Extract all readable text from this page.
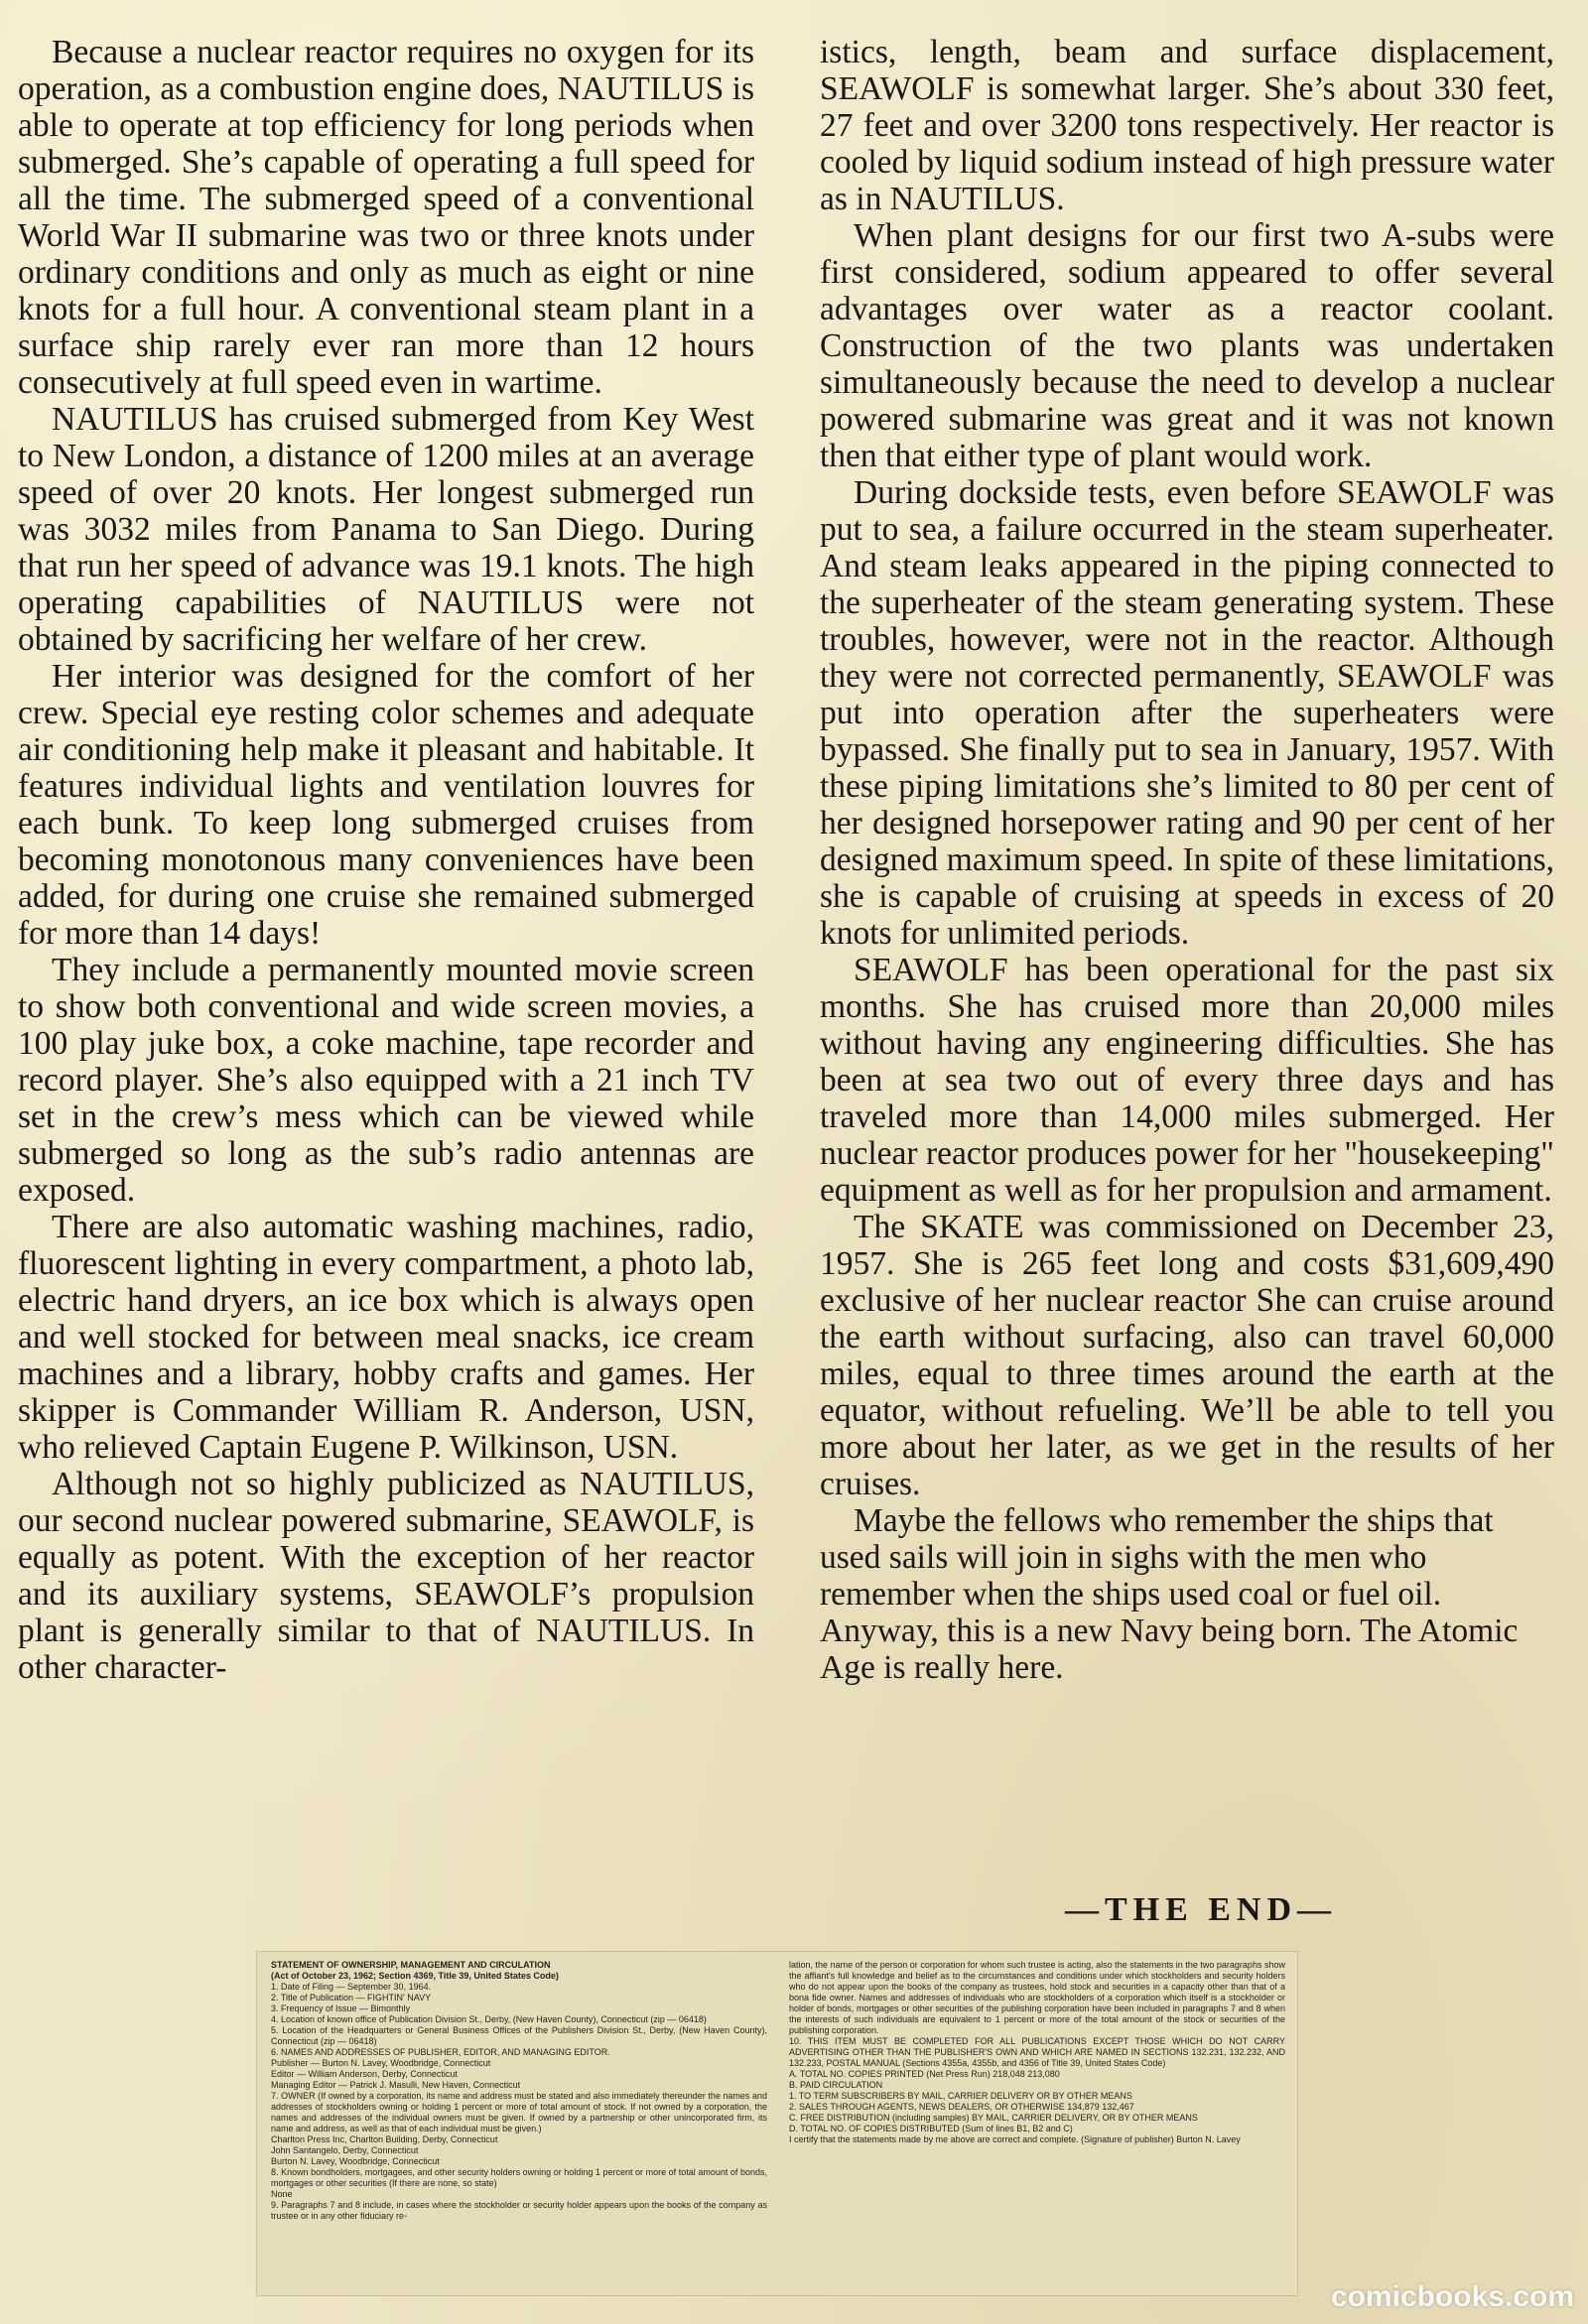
Because a nuclear reactor requires no oxygen for its operation, as a combustion engine does, NAUTILUS is able to operate at top efficiency for long periods when submerged. She’s capable of operating a full speed for all the time. The submerged speed of a conventional World War II submarine was two or three knots under ordinary conditions and only as much as eight or nine knots for a full hour. A conventional steam plant in a surface ship rarely ever ran more than 12 hours consecutively at full speed even in wartime.

NAUTILUS has cruised submerged from Key West to New London, a distance of 1200 miles at an average speed of over 20 knots. Her longest submerged run was 3032 miles from Panama to San Diego. During that run her speed of advance was 19.1 knots. The high operating capabilities of NAUTILUS were not obtained by sacrificing her welfare of her crew.

Her interior was designed for the comfort of her crew. Special eye resting color schemes and adequate air conditioning help make it pleasant and habitable. It features individual lights and ventilation louvres for each bunk. To keep long submerged cruises from becoming monotonous many conveniences have been added, for during one cruise she remained submerged for more than 14 days!

They include a permanently mounted movie screen to show both conventional and wide screen movies, a 100 play juke box, a coke machine, tape recorder and record player. She’s also equipped with a 21 inch TV set in the crew’s mess which can be viewed while submerged so long as the sub’s radio antennas are exposed.

There are also automatic washing machines, radio, fluorescent lighting in every compartment, a photo lab, electric hand dryers, an ice box which is always open and well stocked for between meal snacks, ice cream machines and a library, hobby crafts and games. Her skipper is Commander William R. Anderson, USN, who relieved Captain Eugene P. Wilkinson, USN.

Although not so highly publicized as NAUTILUS, our second nuclear powered submarine, SEAWOLF, is equally as potent. With the exception of her reactor and its auxiliary systems, SEAWOLF’s propulsion plant is generally similar to that of NAUTILUS. In other character-

istics, length, beam and surface displacement, SEAWOLF is somewhat larger. She’s about 330 feet, 27 feet and over 3200 tons respectively. Her reactor is cooled by liquid sodium instead of high pressure water as in NAUTILUS.

When plant designs for our first two A-subs were first considered, sodium appeared to offer several advantages over water as a reactor coolant. Construction of the two plants was undertaken simultaneously because the need to develop a nuclear powered submarine was great and it was not known then that either type of plant would work.

During dockside tests, even before SEAWOLF was put to sea, a failure occurred in the steam superheater. And steam leaks appeared in the piping connected to the superheater of the steam generating system. These troubles, however, were not in the reactor. Although they were not corrected permanently, SEAWOLF was put into operation after the superheaters were bypassed. She finally put to sea in January, 1957. With these piping limitations she’s limited to 80 per cent of her designed horsepower rating and 90 per cent of her designed maximum speed. In spite of these limitations, she is capable of cruising at speeds in excess of 20 knots for unlimited periods.

SEAWOLF has been operational for the past six months. She has cruised more than 20,000 miles without having any engineering difficulties. She has been at sea two out of every three days and has traveled more than 14,000 miles submerged. Her nuclear reactor produces power for her "housekeeping" equipment as well as for her propulsion and armament.

The SKATE was commissioned on December 23, 1957. She is 265 feet long and costs $31,609,490 exclusive of her nuclear reactor She can cruise around the earth without surfacing, also can travel 60,000 miles, equal to three times around the earth at the equator, without refueling. We’ll be able to tell you more about her later, as we get in the results of her cruises.

Maybe the fellows who remember the ships that used sails will join in sighs with the men who remember when the ships used coal or fuel oil. Anyway, this is a new Navy being born. The Atomic Age is really here.

—THE END—
STATEMENT OF OWNERSHIP, MANAGEMENT AND CIRCULATION
(Act of October 23, 1962; Section 4369, Title 39, United States Code)
1. Date of Filing — September 30, 1964.
2. Title of Publication — FIGHTIN' NAVY
3. Frequency of Issue — Bimonthly
4. Location of known office of Publication Division St., Derby, (New Haven County), Connecticut (zip — 06418)
5. Location of the Headquarters or General Business Offices of the Publishers Division St., Derby, (New Haven County), Connecticut (zip — 06418)
6. NAMES AND ADDRESSES OF PUBLISHER, EDITOR, AND MANAGING EDITOR.
Publisher — Burton N. Lavey, Woodbridge, Connecticut
Editor — William Anderson, Derby, Connecticut
Managing Editor — Patrick J. Masulli, New Haven, Connecticut
7. OWNER (If owned by a corporation, its name and address must be stated and also immediately thereunder the names and addresses of stockholders owning or holding 1 percent or more of total amount of stock. If not owned by a corporation, the names and addresses of the individual owners must be given. If owned by a partnership or other unincorporated firm, its name and address, as well as that of each individual must be given.)
Charlton Press Inc, Charlton Building, Derby, Connecticut
John Santangelo, Derby, Connecticut
Burton N. Lavey, Woodbridge, Connecticut
8. Known bondholders, mortgagees, and other security holders owning or holding 1 percent or more of total amount of bonds, mortgages or other securities (If there are none, so state)
None
9. Paragraphs 7 and 8 include, in cases where the stockholder or security holder appears upon the books of the company as trustee or in any other fiduciary re-
lation, the name of the person or corporation for whom such trustee is acting, also the statements in the two paragraphs show the affiant's full knowledge and belief as to the circumstances and conditions under which stockholders and security holders who do not appear upon the books of the company as trustees, hold stock and securities in a capacity other than that of a bona fide owner. Names and addresses of individuals who are stockholders of a corporation which itself is a stockholder or holder of bonds, mortgages or other securities of the publishing corporation have been included in paragraphs 7 and 8 when the interests of such individuals are equivalent to 1 percent or more of the total amount of the stock or securities of the publishing corporation.
10. THIS ITEM MUST BE COMPLETED FOR ALL PUBLICATIONS EXCEPT THOSE WHICH DO NOT CARRY ADVERTISING OTHER THAN THE PUBLISHER'S OWN AND WHICH ARE NAMED IN SECTIONS 132.231, 132.232, AND 132.233, POSTAL MANUAL (Sections 4355a, 4355b, and 4356 of Title 39, United States Code)
A. TOTAL NO. COPIES PRINTED (Net Press Run) 218,048 213,080
B. PAID CIRCULATION
1. TO TERM SUBSCRIBERS BY MAIL, CARRIER DELIVERY OR BY OTHER MEANS
2. SALES THROUGH AGENTS, NEWS DEALERS, OR OTHERWISE 134,879 132,467
C. FREE DISTRIBUTION (including samples) BY MAIL, CARRIER DELIVERY, OR BY OTHER MEANS
D. TOTAL NO. OF COPIES DISTRIBUTED (Sum of lines B1, B2 and C)
I certify that the statements made by me above are correct and complete. (Signature of publisher) Burton N. Lavey
comicbooks.com
